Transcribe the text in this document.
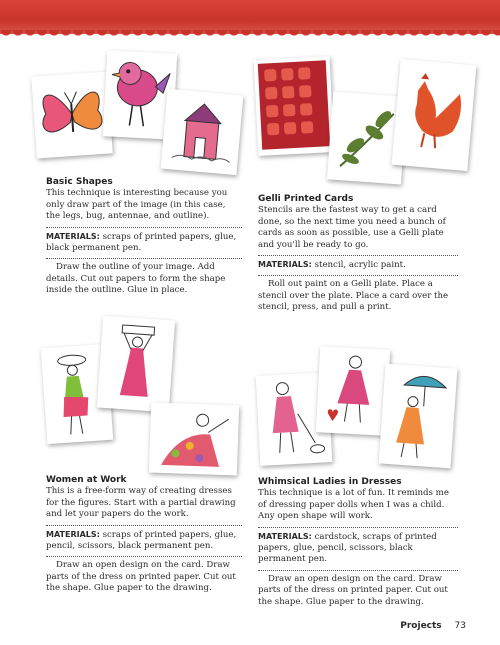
Basic Shapes

This technique is interesting because you only draw part of the image (in this case, the legs, bug, antennae, and outline).

MATERIALS: scraps of printed papers, glue, black permanent pen.

Draw the outline of your image. Add details. Cut out papers to form the shape inside the outline. Glue in place.

Gelli Printed Cards

Stencils are the fastest way to get a card done, so the next time you need a bunch of cards as soon as possible, use a Gelli plate and you'll be ready to go.

MATERIALS: stencil, acrylic paint.

Roll out paint on a Gelli plate. Place a stencil over the plate. Place a card over the stencil, press, and pull a print.

Women at Work

This is a free-form way of creating dresses for the figures. Start with a partial drawing and let your papers do the work.

MATERIALS: scraps of printed papers, glue, pencil, scissors, black permanent pen.

Draw an open design on the card. Draw parts of the dress on printed paper. Cut out the shape. Glue paper to the drawing.

Whimsical Ladies in Dresses

This technique is a lot of fun. It reminds me of dressing paper dolls when I was a child. Any open shape will work.

MATERIALS: cardstock, scraps of printed papers, glue, pencil, scissors, black permanent pen.

Draw an open design on the card. Draw parts of the dress on printed paper. Cut out the shape. Glue paper to the drawing.

Projects 73
